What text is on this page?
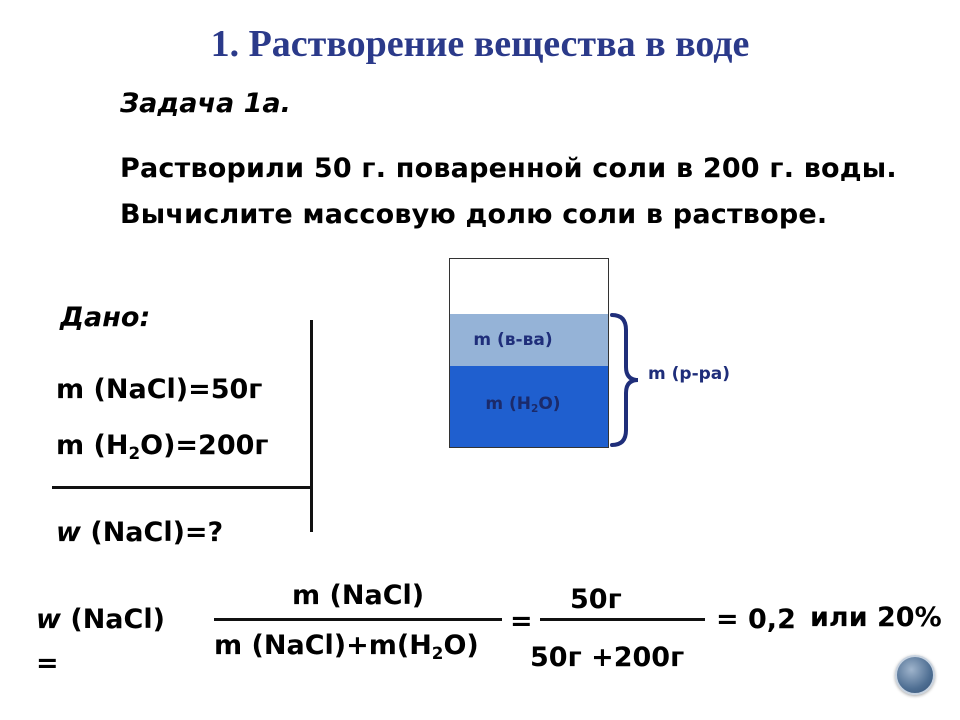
1. Растворение вещества в воде
Задача 1а.
Растворили 50 г. поваренной соли в 200 г. воды. Вычислите массовую долю соли в растворе.
Дано:
m (NaCl)=50г
m $(H_2O)=200г$
w (NaCl)=?
m (в-ва)
m $(H_2O)$
m (р-ра)
w (NaCl)
=
m (NaCl)
m $(NaCl)+m(H_2O)$
=
50г
50г +200г
= 0,2 или 20%
